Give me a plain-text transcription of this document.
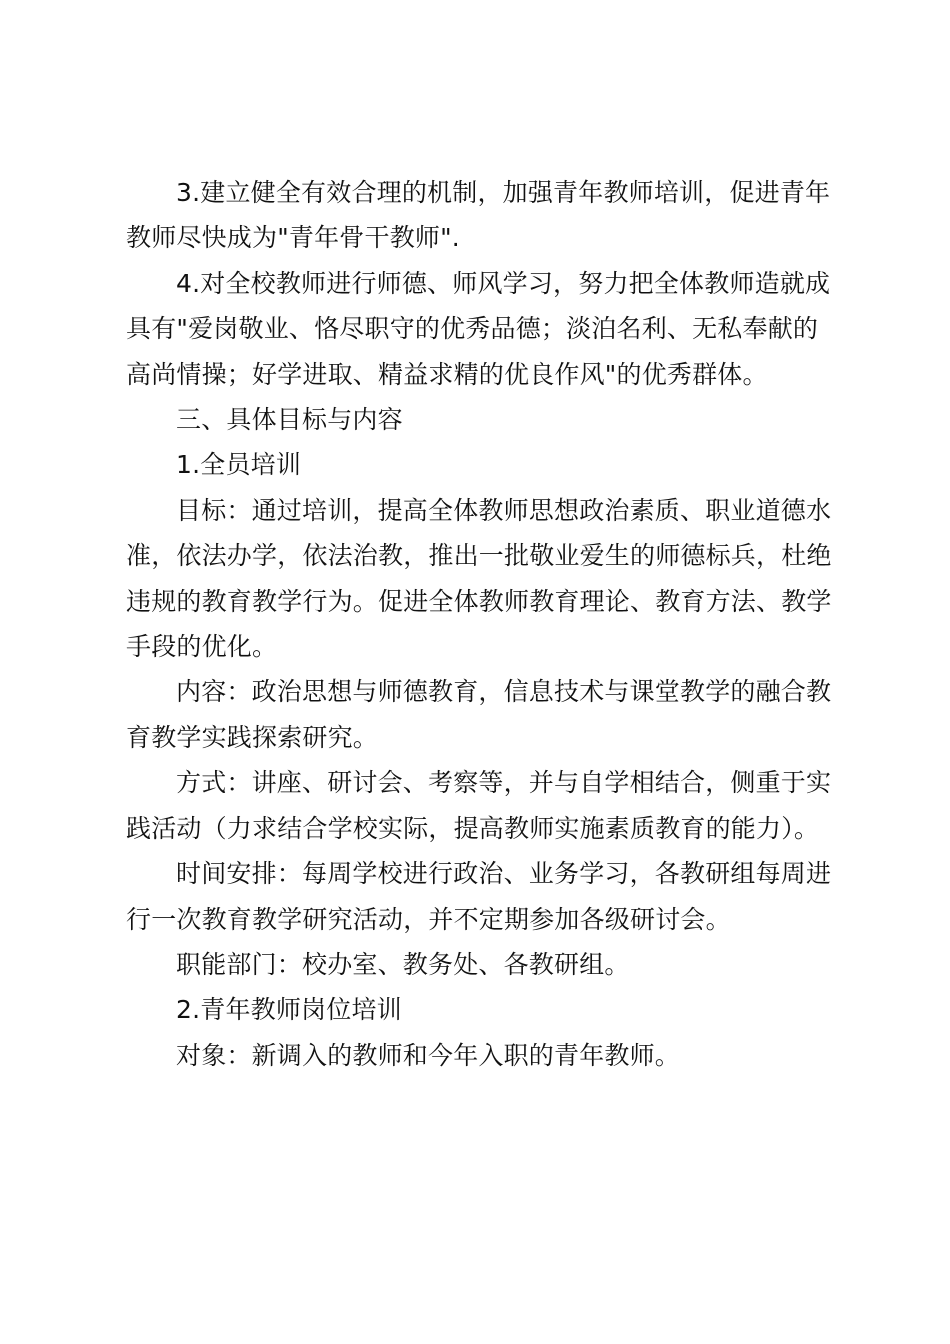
3.建立健全有效合理的机制，加强青年教师培训，促进青年教师尽快成为"青年骨干教师".

4.对全校教师进行师德、师风学习，努力把全体教师造就成具有"爱岗敬业、恪尽职守的优秀品德；淡泊名利、无私奉献的高尚情操；好学进取、精益求精的优良作风"的优秀群体。

三、具体目标与内容

1.全员培训

目标：通过培训，提高全体教师思想政治素质、职业道德水准，依法办学，依法治教，推出一批敬业爱生的师德标兵，杜绝违规的教育教学行为。促进全体教师教育理论、教育方法、教学手段的优化。

内容：政治思想与师德教育，信息技术与课堂教学的融合教育教学实践探索研究。

方式：讲座、研讨会、考察等，并与自学相结合，侧重于实践活动（力求结合学校实际，提高教师实施素质教育的能力）。

时间安排：每周学校进行政治、业务学习，各教研组每周进行一次教育教学研究活动，并不定期参加各级研讨会。

职能部门：校办室、教务处、各教研组。

2.青年教师岗位培训

对象：新调入的教师和今年入职的青年教师。
